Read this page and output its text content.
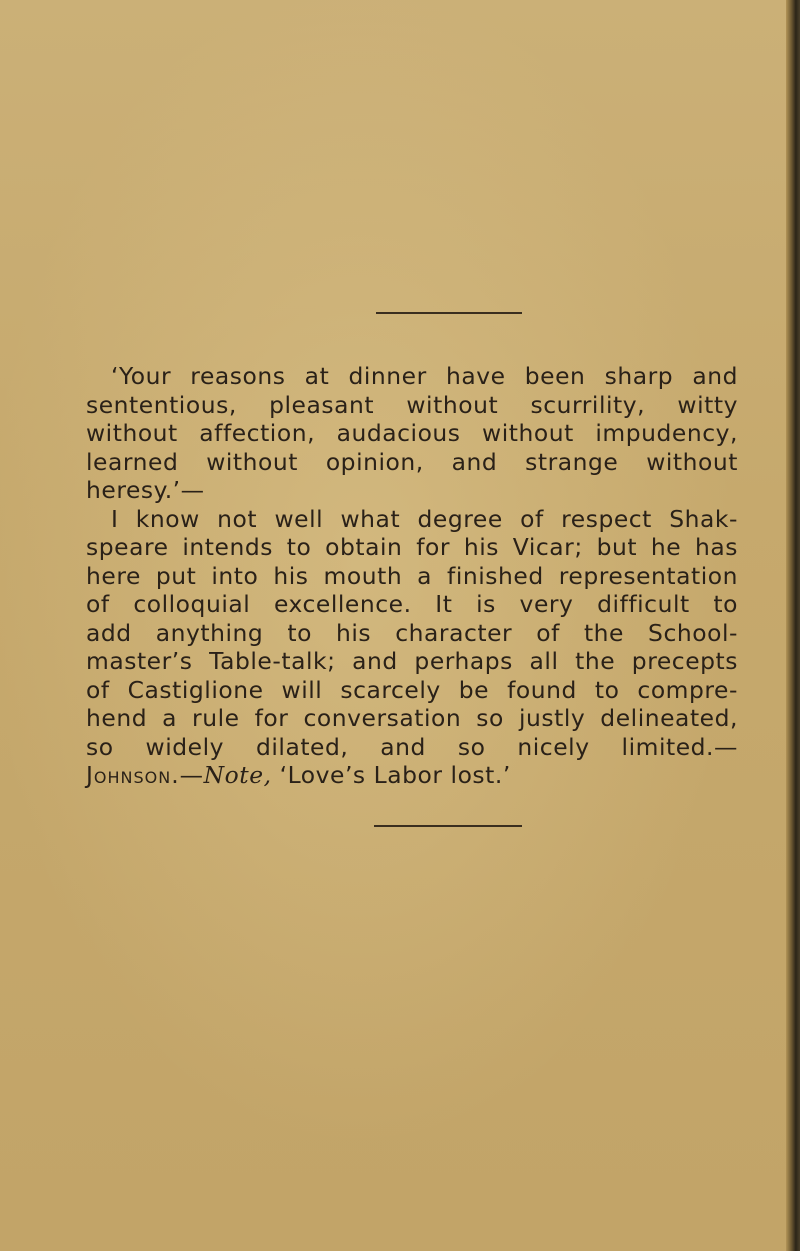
‘Your reasons at dinner have been sharp and
sententious, pleasant without scurrility, witty
without affection, audacious without impudency,
learned without opinion, and strange without
heresy.’—
I know not well what degree of respect Shak-
speare intends to obtain for his Vicar; but he has
here put into his mouth a finished representation
of colloquial excellence. It is very difficult to
add anything to his character of the School-
master’s Table-talk; and perhaps all the precepts
of Castiglione will scarcely be found to compre-
hend a rule for conversation so justly delineated,
so widely dilated, and so nicely limited.—
Johnson.—Note, ‘Love’s Labor lost.’
